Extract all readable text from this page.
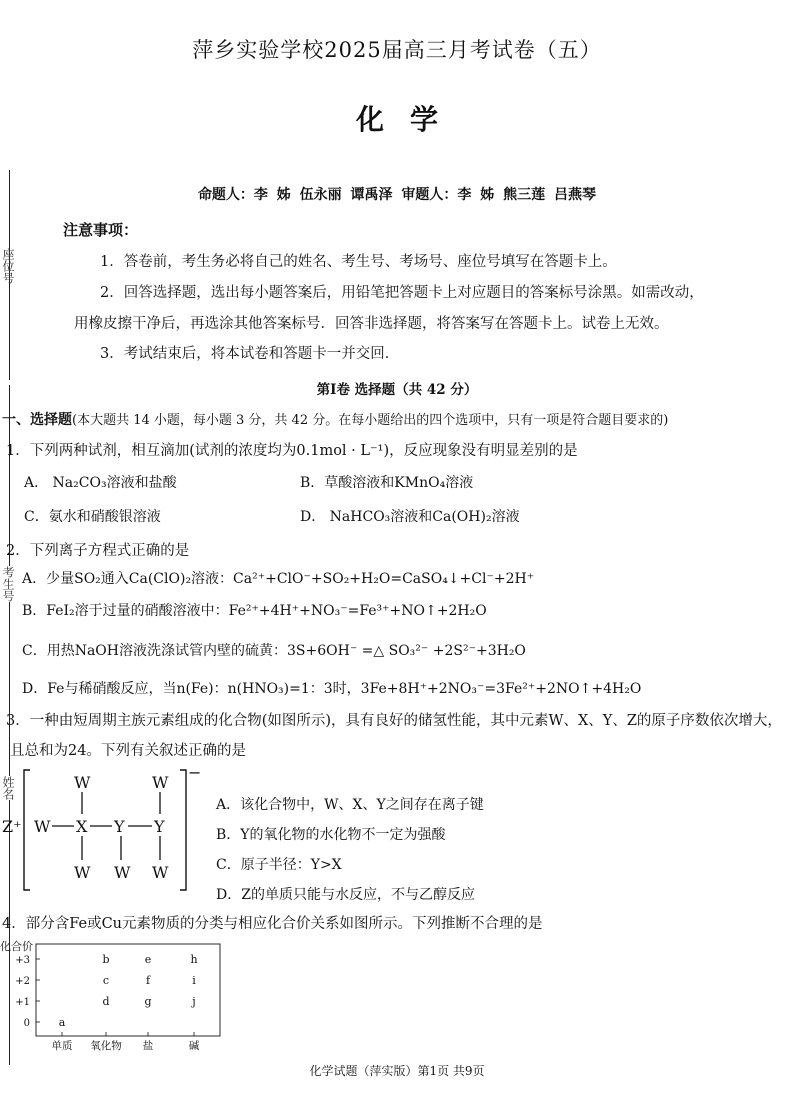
座位号
考生号
姓名
萍乡实验学校2025届高三月考试卷（五）
化学
命题人：李 姊 伍永丽 谭禹泽 审题人：李 姊 熊三莲 吕燕琴
注意事项：
1．答卷前，考生务必将自己的姓名、考生号、考场号、座位号填写在答题卡上。
2．回答选择题，选出每小题答案后，用铅笔把答题卡上对应题目的答案标号涂黑。如需改动，
用橡皮擦干净后，再选涂其他答案标号．回答非选择题，将答案写在答题卡上。试卷上无效。
3．考试结束后，将本试卷和答题卡一并交回．
第Ⅰ卷 选择题（共 42 分）
一、选择题(本大题共 14 小题，每小题 3 分，共 42 分。在每小题给出的四个选项中，只有一项是符合题目要求的)
1．下列两种试剂，相互滴加(试剂的浓度均为0.1mol · L⁻¹)，反应现象没有明显差别的是
A． Na₂CO₃溶液和盐酸	B．草酸溶液和KMnO₄溶液
C．氨水和硝酸银溶液	D． NaHCO₃溶液和Ca(OH)₂溶液
2．下列离子方程式正确的是
A．少量SO₂通入Ca(ClO)₂溶液：Ca²⁺+ClO⁻+SO₂+H₂O=CaSO₄↓+Cl⁻+2H⁺
B．FeI₂溶于过量的硝酸溶液中：Fe²⁺+4H⁺+NO₃⁻=Fe³⁺+NO↑+2H₂O
C．用热NaOH溶液洗涤试管内壁的硫黄：3S+6OH⁻ =△ SO₃²⁻ +2S²⁻+3H₂O
D．Fe与稀硝酸反应，当n(Fe)：n(HNO₃)=1：3时，3Fe+8H⁺+2NO₃⁻=3Fe²⁺+2NO↑+4H₂O
3．一种由短周期主族元素组成的化合物(如图所示)，具有良好的储氢性能，其中元素W、X、Y、Z的原子序数依次增大，
且总和为24。下列有关叙述正确的是
Z⁺
−
W	W
W X Y Y
W W W
A．该化合物中，W、X、Y之间存在离子键
B．Y的氧化物的水化物不一定为强酸
C．原子半径：Y>X
D．Z的单质只能与水反应，不与乙醇反应
4．部分含Fe或Cu元素物质的分类与相应化合价关系如图所示。下列推断不合理的是
化合价
+3
+2
+1
0
单质 氧化物 盐	碱
a
b
c
d
e
f
g
h
i
j
化学试题（萍实版）第1页 共9页
